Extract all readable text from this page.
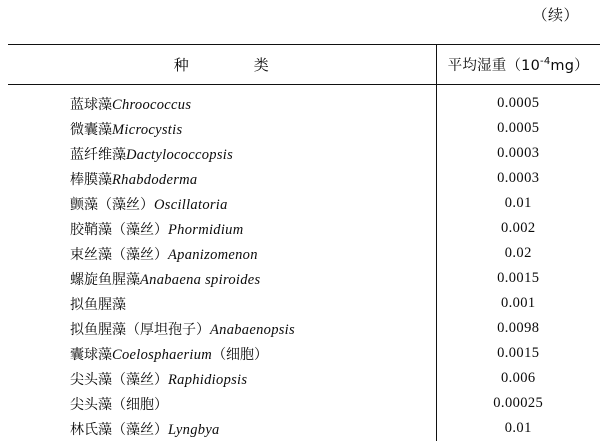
（续）
种　　　　类	平均湿重$(10^{-4}mg)$

蓝球藻Chroococcus	0.0005
微囊藻Microcystis	0.0005
蓝纤维藻Dactylococcopsis	0.0003
棒膜藻Rhabdoderma	0.0003
颤藻（藻丝）Oscillatoria	0.01
胶鞘藻（藻丝）Phormidium	0.002
束丝藻（藻丝）Apanizomenon	0.02
螺旋鱼腥藻Anabaena spiroides	0.0015
拟鱼腥藻	0.001
拟鱼腥藻（厚坦孢子）Anabaenopsis	0.0098
囊球藻Coelosphaerium（细胞）	0.0015
尖头藻（藻丝）Raphidiopsis	0.006
尖头藻（细胞）	0.00025
林氏藻（藻丝）Lyngbya	0.01
